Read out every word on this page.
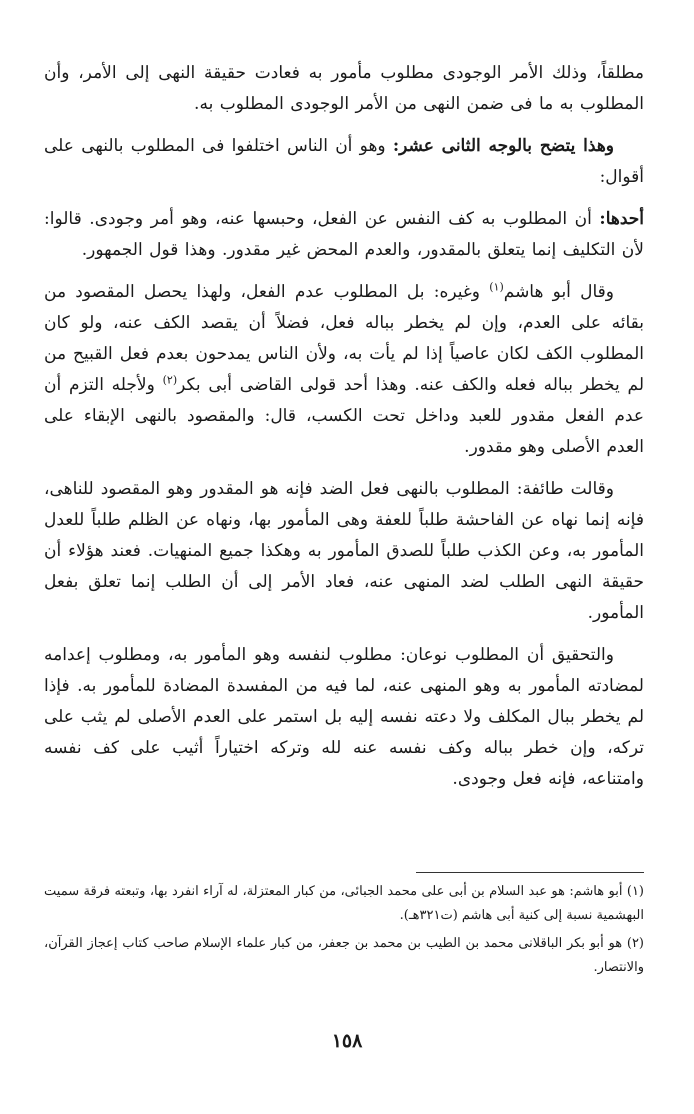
مطلقاً، وذلك الأمر الوجودى مطلوب مأمور به فعادت حقيقة النهى إلى الأمر، وأن المطلوب به ما فى ضمن النهى من الأمر الوجودى المطلوب به.

وهذا يتضح بالوجه الثانى عشر: وهو أن الناس اختلفوا فى المطلوب بالنهى على أقوال:

أحدها: أن المطلوب به كف النفس عن الفعل، وحبسها عنه، وهو أمر وجودى. قالوا: لأن التكليف إنما يتعلق بالمقدور، والعدم المحض غير مقدور. وهذا قول الجمهور.

وقال أبو هاشم$^{(١)}$ وغيره: بل المطلوب عدم الفعل، ولهذا يحصل المقصود من بقائه على العدم، وإن لم يخطر بباله فعل، فضلاً أن يقصد الكف عنه، ولو كان المطلوب الكف لكان عاصياً إذا لم يأت به، ولأن الناس يمدحون بعدم فعل القبيح من لم يخطر بباله فعله والكف عنه. وهذا أحد قولى القاضى أبى بكر$^{(٢)}$ ولأجله التزم أن عدم الفعل مقدور للعبد وداخل تحت الكسب، قال: والمقصود بالنهى الإبقاء على العدم الأصلى وهو مقدور.

وقالت طائفة: المطلوب بالنهى فعل الضد فإنه هو المقدور وهو المقصود للناهى، فإنه إنما نهاه عن الفاحشة طلباً للعفة وهى المأمور بها، ونهاه عن الظلم طلباً للعدل المأمور به، وعن الكذب طلباً للصدق المأمور به وهكذا جميع المنهيات. فعند هؤلاء أن حقيقة النهى الطلب لضد المنهى عنه، فعاد الأمر إلى أن الطلب إنما تعلق بفعل المأمور.

والتحقيق أن المطلوب نوعان: مطلوب لنفسه وهو المأمور به، ومطلوب إعدامه لمضادته المأمور به وهو المنهى عنه، لما فيه من المفسدة المضادة للمأمور به. فإذا لم يخطر ببال المكلف ولا دعته نفسه إليه بل استمر على العدم الأصلى لم يثب على تركه، وإن خطر بباله وكف نفسه عنه لله وتركه اختياراً أثيب على كف نفسه وامتناعه، فإنه فعل وجودى.

(١) أبو هاشم: هو عبد السلام بن أبى على محمد الجبائى، من كبار المعتزلة، له آراء انفرد بها، وتبعته فرقة سميت البهشمية نسبة إلى كنية أبى هاشم (ت٣٢١هـ).

(٢) هو أبو بكر الباقلانى محمد بن الطيب بن محمد بن جعفر، من كبار علماء الإسلام صاحب كتاب إعجاز القرآن، والانتصار.

١٥٨
